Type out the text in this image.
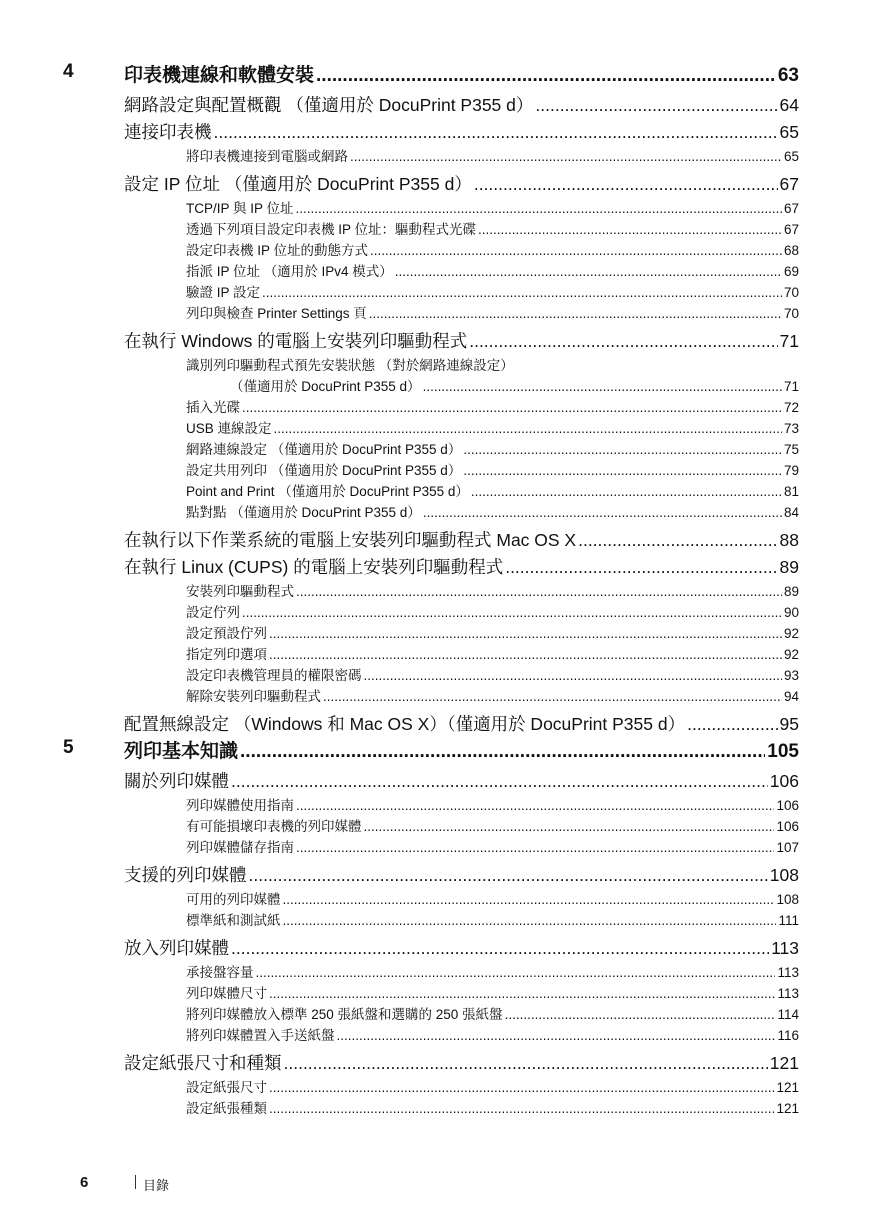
4	印表機連線和軟體安裝 .....	63
網路設定與配置概觀 （僅適用於 DocuPrint P355 d） .....	64
連接印表機 .....	65
將印表機連接到電腦或網路 .....	65
設定 IP 位址 （僅適用於 DocuPrint P355 d） .....	67
TCP/IP 與 IP 位址 .....	67
透過下列項目設定印表機 IP 位址：驅動程式光碟 .....	67
設定印表機 IP 位址的動態方式 .....	68
指派 IP 位址 （適用於 IPv4 模式） .....	69
驗證 IP 設定 .....	70
列印與檢查 Printer Settings 頁 .....	70
在執行 Windows 的電腦上安裝列印驅動程式 .....	71
識別列印驅動程式預先安裝狀態 （對於網路連線設定）
（僅適用於 DocuPrint P355 d） .....	71
插入光碟 .....	72
USB 連線設定 .....	73
網路連線設定 （僅適用於 DocuPrint P355 d） .....	75
設定共用列印 （僅適用於 DocuPrint P355 d） .....	79
Point and Print （僅適用於 DocuPrint P355 d） .....	81
點對點 （僅適用於 DocuPrint P355 d） .....	84
在執行以下作業系統的電腦上安裝列印驅動程式 Mac OS X .....	88
在執行 Linux (CUPS) 的電腦上安裝列印驅動程式 .....	89
安裝列印驅動程式 .....	89
設定佇列 .....	90
設定預設佇列 .....	92
指定列印選項 .....	92
設定印表機管理員的權限密碼 .....	93
解除安裝列印驅動程式 .....	94
配置無線設定 （Windows 和 Mac OS X）（僅適用於 DocuPrint P355 d） .....	95
5	列印基本知識 .....	105
關於列印媒體 .....	106
列印媒體使用指南 .....	106
有可能損壞印表機的列印媒體 .....	106
列印媒體儲存指南 .....	107
支援的列印媒體 .....	108
可用的列印媒體 .....	108
標準紙和測試紙 .....	111
放入列印媒體 .....	113
承接盤容量 .....	113
列印媒體尺寸 .....	113
將列印媒體放入標準 250 張紙盤和選購的 250 張紙盤 .....	114
將列印媒體置入手送紙盤 .....	116
設定紙張尺寸和種類 .....	121
設定紙張尺寸 .....	121
設定紙張種類 .....	121
6	目錄
